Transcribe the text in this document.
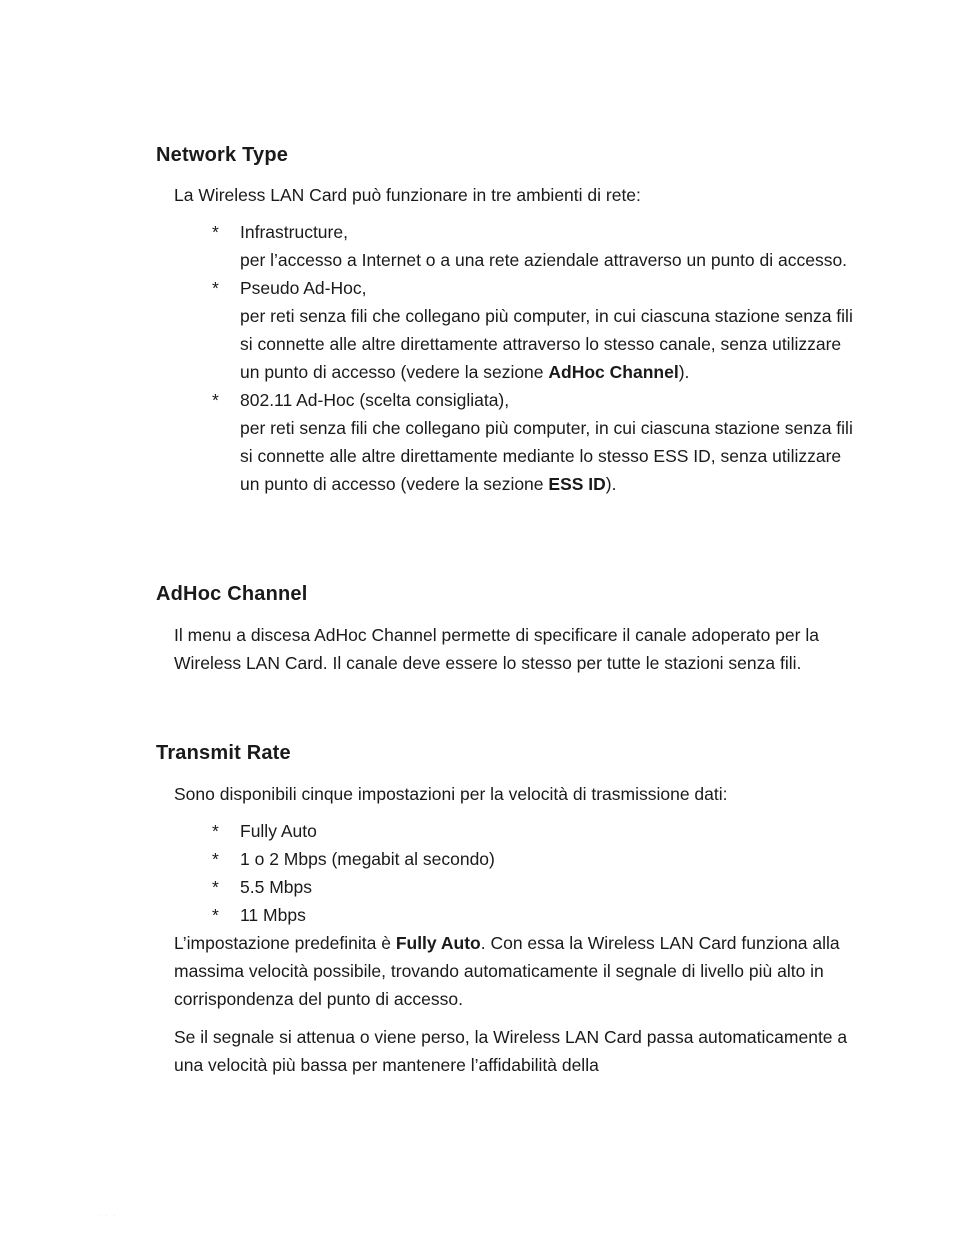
Network Type

La Wireless LAN Card può funzionare in tre ambienti di rete:

* Infrastructure,
per l’accesso a Internet o a una rete aziendale attraverso un punto di accesso.
* Pseudo Ad-Hoc,
per reti senza fili che collegano più computer, in cui ciascuna stazione senza fili si connette alle altre direttamente attraverso lo stesso canale, senza utilizzare un punto di accesso (vedere la sezione AdHoc Channel).
* 802.11 Ad-Hoc (scelta consigliata),
per reti senza fili che collegano più computer, in cui ciascuna stazione senza fili si connette alle altre direttamente mediante lo stesso ESS ID, senza utilizzare un punto di accesso (vedere la sezione ESS ID).
AdHoc Channel

Il menu a discesa AdHoc Channel permette di specificare il canale adoperato per la Wireless LAN Card. Il canale deve essere lo stesso per tutte le stazioni senza fili.

Transmit Rate

Sono disponibili cinque impostazioni per la velocità di trasmissione dati:

* Fully Auto
* 1 o 2 Mbps (megabit al secondo)
* 5.5 Mbps
* 11 Mbps

L’impostazione predefinita è Fully Auto. Con essa la Wireless LAN Card funziona alla massima velocità possibile, trovando automaticamente il segnale di livello più alto in corrispondenza del punto di accesso.

Se il segnale si attenua o viene perso, la Wireless LAN Card passa automaticamente a una velocità più bassa per mantenere l’affidabilità della

· · ·
